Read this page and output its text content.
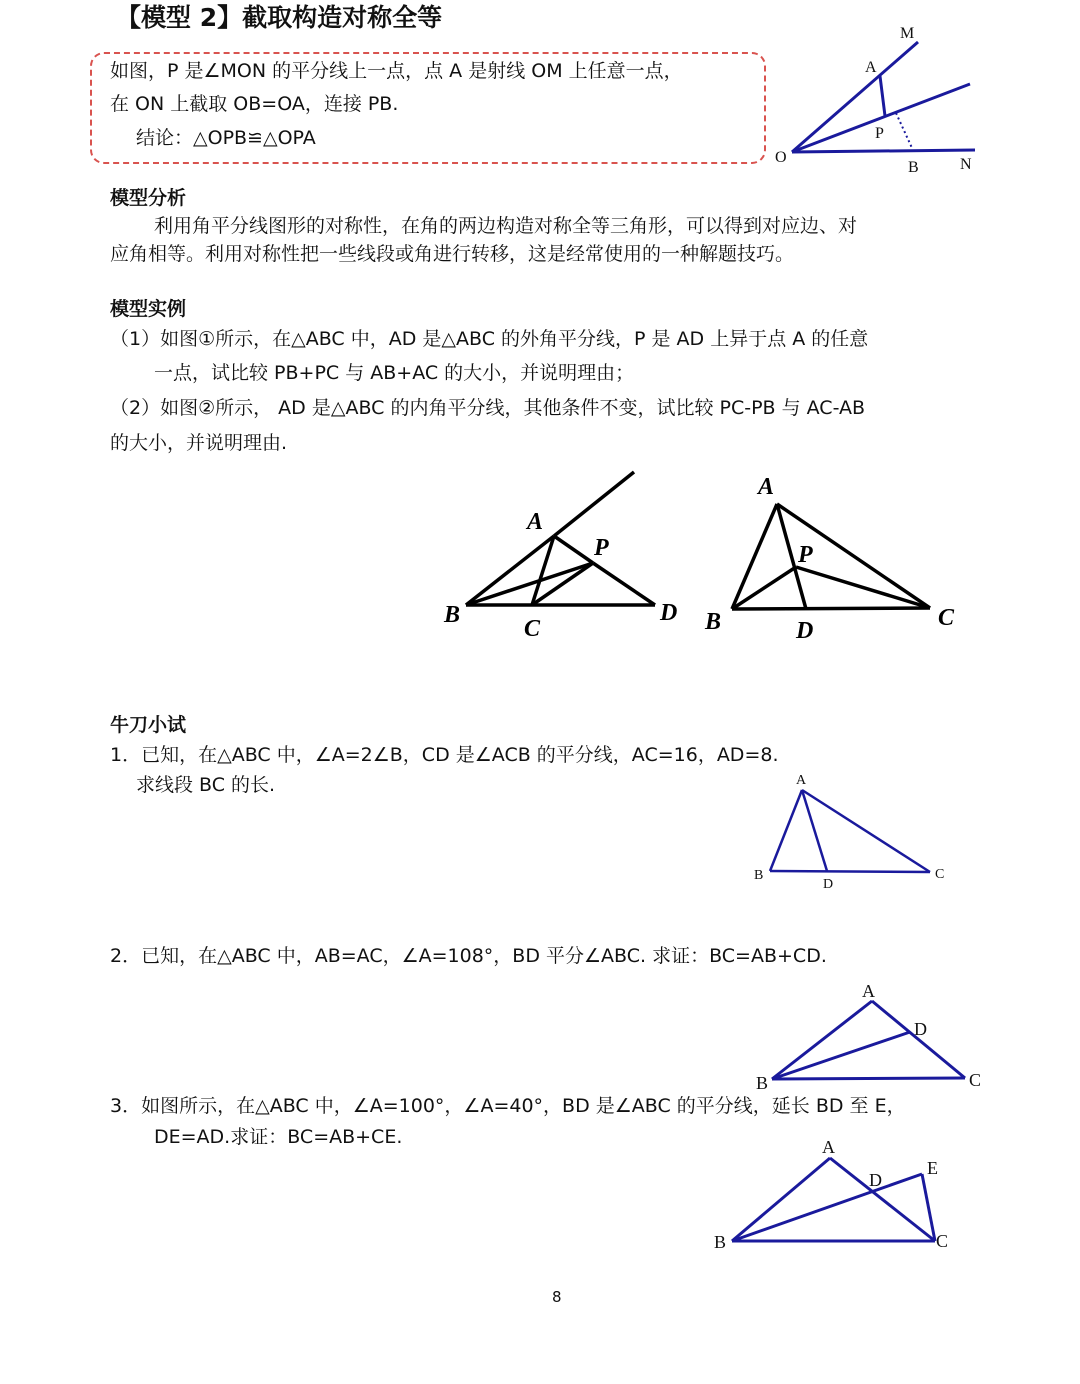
【模型 2】截取构造对称全等
如图，P 是∠MON 的平分线上一点，点 A 是射线 OM 上任意一点，
在 ON 上截取 OB=OA，连接 PB.
结论：△OPB≌△OPA
M
A
P
O
B	N
模型分析
利用角平分线图形的对称性，在角的两边构造对称全等三角形，可以得到对应边、对
应角相等。利用对称性把一些线段或角进行转移，这是经常使用的一种解题技巧。
模型实例
（1）如图①所示，在△ABC 中，AD 是△ABC 的外角平分线，P 是 AD 上异于点 A 的任意
一点，试比较 PB+PC 与 AB+AC 的大小，并说明理由；
（2）如图②所示， AD 是△ABC 的内角平分线，其他条件不变，试比较 PC-PB 与 AC-AB
的大小，并说明理由.
A
P
B
C
D
A
P
B	D	C
牛刀小试
1．已知，在△ABC 中，∠A=2∠B，CD 是∠ACB 的平分线，AC=16，AD=8.
求线段 BC 的长.	A
B
D
C
2．已知，在△ABC 中，AB=AC，∠A=108°，BD 平分∠ABC. 求证：BC=AB+CD.
A
D
B	C
3．如图所示，在△ABC 中，∠A=100°，∠A=40°，BD 是∠ABC 的平分线，延长 BD 至 E，
DE=AD.求证：BC=AB+CE.	A
D
E
B	C
8
